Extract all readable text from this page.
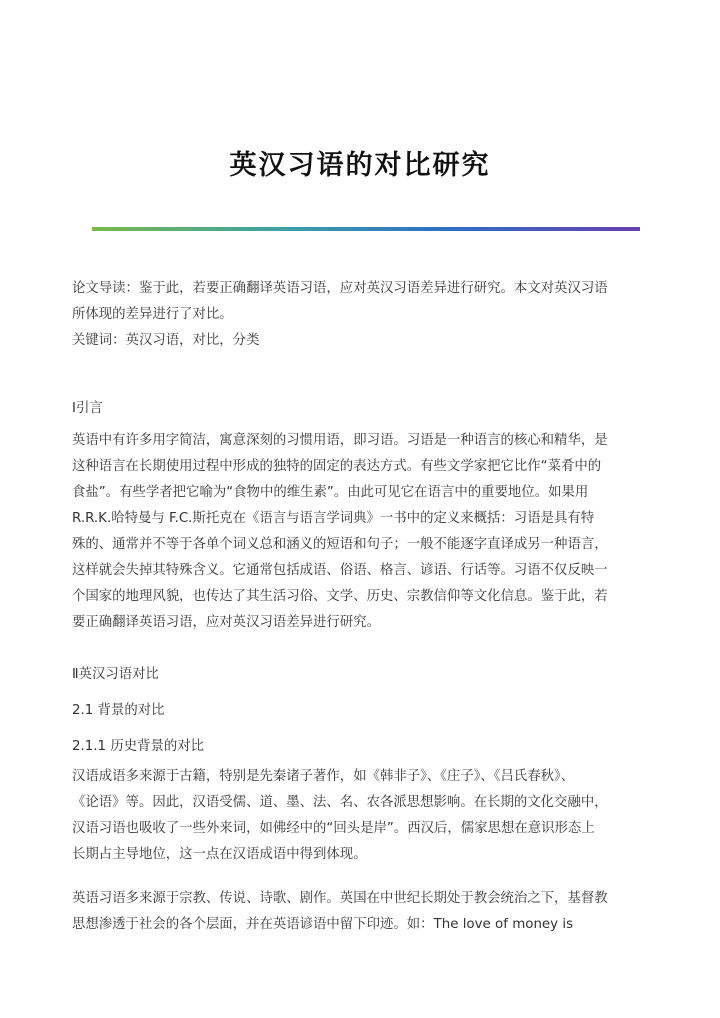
英汉习语的对比研究
论文导读：鉴于此，若要正确翻译英语习语，应对英汉习语差异进行研究。本文对英汉习语
所体现的差异进行了对比。
关键词：英汉习语，对比，分类
Ⅰ引言
英语中有许多用字简洁，寓意深刻的习惯用语，即习语。习语是一种语言的核心和精华，是
这种语言在长期使用过程中形成的独特的固定的表达方式。有些文学家把它比作“菜肴中的
食盐”。有些学者把它喻为“食物中的维生素”。由此可见它在语言中的重要地位。如果用
R.R.K.哈特曼与 F.C.斯托克在《语言与语言学词典》一书中的定义来概括：习语是具有特
殊的、通常并不等于各单个词义总和涵义的短语和句子；一般不能逐字直译成另一种语言，
这样就会失掉其特殊含义。它通常包括成语、俗语、格言、谚语、行话等。习语不仅反映一
个国家的地理风貌，也传达了其生活习俗、文学、历史、宗教信仰等文化信息。鉴于此，若
要正确翻译英语习语，应对英汉习语差异进行研究。
Ⅱ英汉习语对比
2.1 背景的对比
2.1.1 历史背景的对比
汉语成语多来源于古籍，特别是先秦诸子著作，如《韩非子》、《庄子》、《吕氏春秋》、
《论语》等。因此，汉语受儒、道、墨、法、名、农各派思想影响。在长期的文化交融中，
汉语习语也吸收了一些外来词，如佛经中的“回头是岸”。西汉后，儒家思想在意识形态上
长期占主导地位，这一点在汉语成语中得到体现。
英语习语多来源于宗教、传说、诗歌、剧作。英国在中世纪长期处于教会统治之下，基督教
思想渗透于社会的各个层面，并在英语谚语中留下印迹。如：The love of money is
